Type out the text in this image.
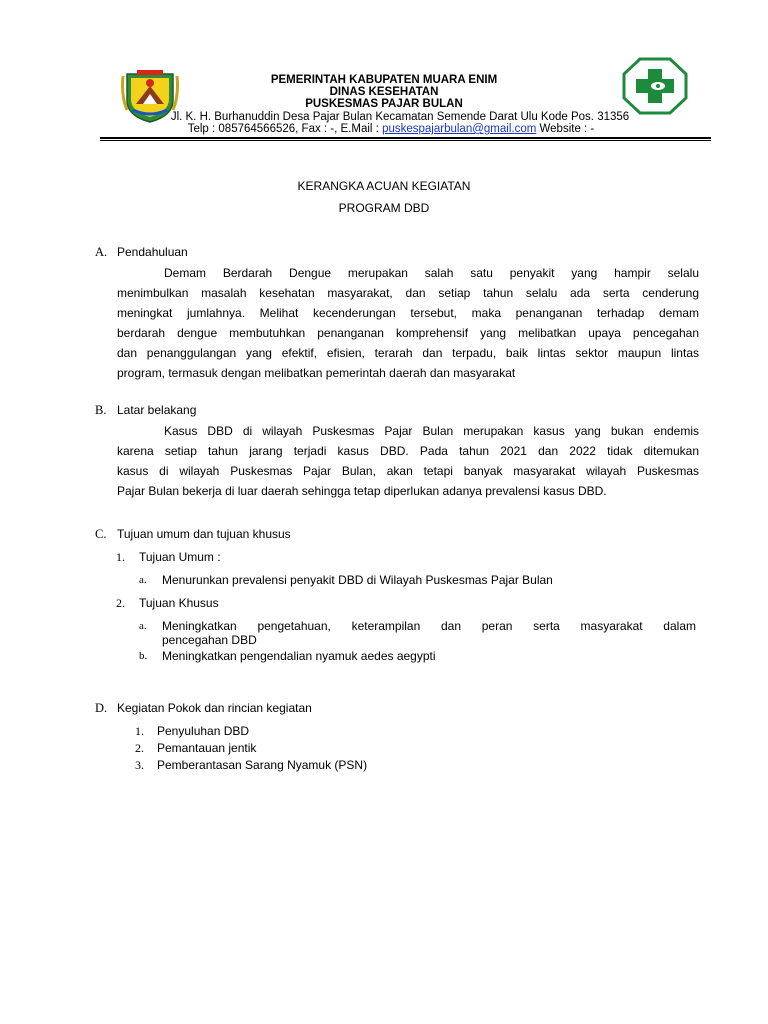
PEMERINTAH KABUPATEN MUARA ENIM
DINAS KESEHATAN
PUSKESMAS PAJAR BULAN
Jl. K. H. Burhanuddin Desa Pajar Bulan Kecamatan Semende Darat Ulu Kode Pos. 31356
Telp : 085764566526, Fax : -, E.Mail : puskespajarbulan@gmail.com Website : -
KERANGKA ACUAN KEGIATAN
PROGRAM DBD
A. Pendahuluan
Demam Berdarah Dengue merupakan salah satu penyakit yang hampir selalu
menimbulkan masalah kesehatan masyarakat, dan setiap tahun selalu ada serta cenderung
meningkat jumlahnya. Melihat kecenderungan tersebut, maka penanganan terhadap demam
berdarah dengue membutuhkan penanganan komprehensif yang melibatkan upaya pencegahan
dan penanggulangan yang efektif, efisien, terarah dan terpadu, baik lintas sektor maupun lintas
program, termasuk dengan melibatkan pemerintah daerah dan masyarakat
B. Latar belakang
Kasus DBD di wilayah Puskesmas Pajar Bulan merupakan kasus yang bukan endemis
karena setiap tahun jarang terjadi kasus DBD. Pada tahun 2021 dan 2022 tidak ditemukan
kasus di wilayah Puskesmas Pajar Bulan, akan tetapi banyak masyarakat wilayah Puskesmas
Pajar Bulan bekerja di luar daerah sehingga tetap diperlukan adanya prevalensi kasus DBD.
C. Tujuan umum dan tujuan khusus
1. Tujuan Umum :
a. Menurunkan prevalensi penyakit DBD di Wilayah Puskesmas Pajar Bulan
2. Tujuan Khusus
a. Meningkatkan pengetahuan, keterampilan dan peran serta masyarakat dalam
pencegahan DBD
b. Meningkatkan pengendalian nyamuk aedes aegypti
D. Kegiatan Pokok dan rincian kegiatan
1. Penyuluhan DBD
2. Pemantauan jentik
3. Pemberantasan Sarang Nyamuk (PSN)
